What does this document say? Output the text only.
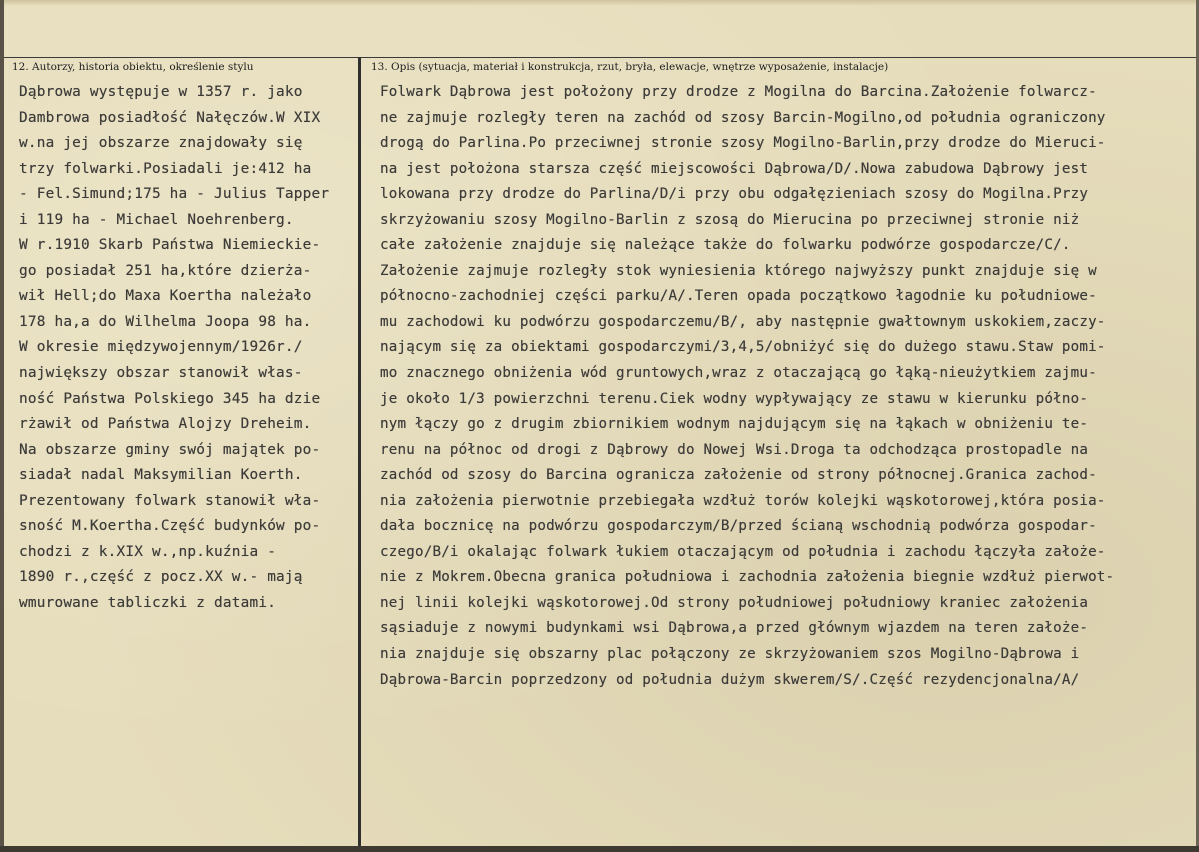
12. Autorzy, historia obiektu, określenie stylu	13. Opis (sytuacja, materiał i konstrukcja, rzut, bryła, elewacje, wnętrze wyposażenie, instalacje)
Dąbrowa występuje w 1357 r. jako
Dambrowa posiadłość Nałęczów.W XIX
w.na jej obszarze znajdowały się
trzy folwarki.Posiadali je:412 ha
- Fel.Simund;175 ha - Julius Tapper
i 119 ha - Michael Noehrenberg.
W r.1910 Skarb Państwa Niemieckie-
go posiadał 251 ha,które dzierża-
wił Hell;do Maxa Koertha należało
178 ha,a do Wilhelma Joopa 98 ha.
W okresie międzywojennym/1926r./
największy obszar stanowił włas-
ność Państwa Polskiego 345 ha dzie
rżawił od Państwa Alojzy Dreheim.
Na obszarze gminy swój majątek po-
siadał nadal Maksymilian Koerth.
Prezentowany folwark stanowił wła-
sność M.Koertha.Część budynków po-
chodzi z k.XIX w.,np.kuźnia -
1890 r.,część z pocz.XX w.- mają
wmurowane tabliczki z datami.
Folwark Dąbrowa jest położony przy drodze z Mogilna do Barcina.Założenie folwarcz-
ne zajmuje rozległy teren na zachód od szosy Barcin-Mogilno,od południa ograniczony
drogą do Parlina.Po przeciwnej stronie szosy Mogilno-Barlin,przy drodze do Mieruci-
na jest położona starsza część miejscowości Dąbrowa/D/.Nowa zabudowa Dąbrowy jest
lokowana przy drodze do Parlina/D/i przy obu odgałęzieniach szosy do Mogilna.Przy
skrzyżowaniu szosy Mogilno-Barlin z szosą do Mierucina po przeciwnej stronie niż
całe założenie znajduje się należące także do folwarku podwórze gospodarcze/C/.
Założenie zajmuje rozległy stok wyniesienia którego najwyższy punkt znajduje się w
północno-zachodniej części parku/A/.Teren opada początkowo łagodnie ku południowe-
mu zachodowi ku podwórzu gospodarczemu/B/, aby następnie gwałtownym uskokiem,zaczy-
nającym się za obiektami gospodarczymi/3,4,5/obniżyć się do dużego stawu.Staw pomi-
mo znacznego obniżenia wód gruntowych,wraz z otaczającą go łąką-nieużytkiem zajmu-
je około 1/3 powierzchni terenu.Ciek wodny wypływający ze stawu w kierunku półno-
nym łączy go z drugim zbiornikiem wodnym najdującym się na łąkach w obniżeniu te-
renu na północ od drogi z Dąbrowy do Nowej Wsi.Droga ta odchodząca prostopadle na
zachód od szosy do Barcina ogranicza założenie od strony północnej.Granica zachod-
nia założenia pierwotnie przebiegała wzdłuż torów kolejki wąskotorowej,która posia-
dała bocznicę na podwórzu gospodarczym/B/przed ścianą wschodnią podwórza gospodar-
czego/B/i okalając folwark łukiem otaczającym od południa i zachodu łączyła założe-
nie z Mokrem.Obecna granica południowa i zachodnia założenia biegnie wzdłuż pierwot-
nej linii kolejki wąskotorowej.Od strony południowej południowy kraniec założenia
sąsiaduje z nowymi budynkami wsi Dąbrowa,a przed głównym wjazdem na teren założe-
nia znajduje się obszarny plac połączony ze skrzyżowaniem szos Mogilno-Dąbrowa i
Dąbrowa-Barcin poprzedzony od południa dużym skwerem/S/.Część rezydencjonalna/A/
